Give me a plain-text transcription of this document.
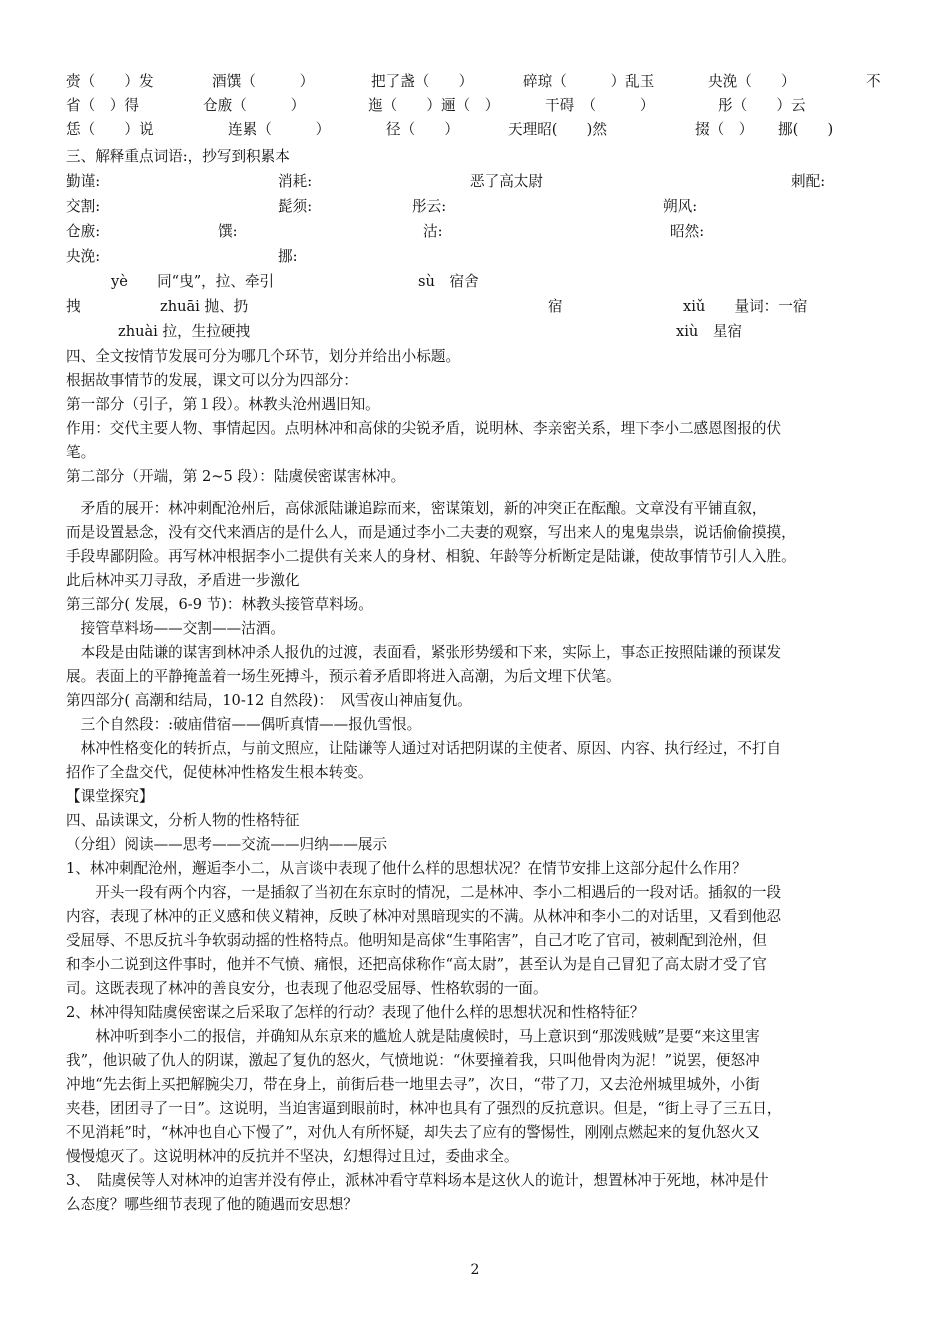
赍（　　）发	酒馔（　　　）	把了盏（　　）	碎琼（　　　）乱玉	央浼（　　）	不
省（　）得	仓廒（　　　）	迤（　　）逦（　）	干碍　（　　　）	彤（　　）云
恁（　　）说	连累（　　　）	径（　　）	天理昭(　　)然	掇（　） 挪(　　)
三、解释重点词语:，抄写到积累本
勤谨:	消耗:	恶了高太尉	刺配:
交割:	髭须:	彤云:	朔风:
仓廒:	馔:	沽:	昭然:
央浼:	挪:
yè　　同“曳”，拉、牵引	sù　宿舍
拽	zhuāi 抛、扔	宿	xiǔ　　量词：一宿
zhuài 拉，生拉硬拽	xiù　星宿
四、全文按情节发展可分为哪几个环节，划分并给出小标题。
根据故事情节的发展，课文可以分为四部分：
第一部分（引子，第１段）。林教头沧州遇旧知。
作用：交代主要人物、事情起因。点明林冲和高俅的尖锐矛盾，说明林、李亲密关系，埋下李小二感恩图报的伏
笔。
第二部分（开端，第 2~5 段）：陆虞侯密谋害林冲。
　矛盾的展开：林冲刺配沧州后，高俅派陆谦追踪而来，密谋策划，新的冲突正在酝酿。文章没有平铺直叙，
而是设置悬念，没有交代来酒店的是什么人，而是通过李小二夫妻的观察，写出来人的鬼鬼祟祟，说话偷偷摸摸，
手段卑鄙阴险。再写林冲根据李小二提供有关来人的身材、相貌、年龄等分析断定是陆谦，使故事情节引人入胜。
此后林冲买刀寻敌，矛盾进一步激化
第三部分( 发展，6-9 节)：林教头接管草料场。
　接管草料场——交割——沽酒。
　本段是由陆谦的谋害到林冲杀人报仇的过渡，表面看，紧张形势缓和下来，实际上，事态正按照陆谦的预谋发
展。表面上的平静掩盖着一场生死搏斗，预示着矛盾即将进入高潮，为后文埋下伏笔。
第四部分( 高潮和结局，10-12 自然段)：　风雪夜山神庙复仇。
　三个自然段：:破庙借宿——偶听真情——报仇雪恨。
　林冲性格变化的转折点，与前文照应，让陆谦等人通过对话把阴谋的主使者、原因、内容、执行经过，不打自
招作了全盘交代，促使林冲性格发生根本转变。
【课堂探究】
四、品读课文，分析人物的性格特征
（分组）阅读——思考——交流——归纳——展示
1、林冲刺配沧州，邂逅李小二，从言谈中表现了他什么样的思想状况？在情节安排上这部分起什么作用？
　　开头一段有两个内容，一是插叙了当初在东京时的情况，二是林冲、李小二相遇后的一段对话。插叙的一段
内容，表现了林冲的正义感和侠义精神，反映了林冲对黑暗现实的不满。从林冲和李小二的对话里，又看到他忍
受屈辱、不思反抗斗争软弱动摇的性格特点。他明知是高俅“生事陷害”，自己才吃了官司，被刺配到沧州，但
和李小二说到这件事时，他并不气愤、痛恨，还把高俅称作“高太尉”，甚至认为是自己冒犯了高太尉才受了官
司。这既表现了林冲的善良安分，也表现了他忍受屈辱、性格软弱的一面。
2、林冲得知陆虞侯密谋之后采取了怎样的行动？表现了他什么样的思想状况和性格特征？
　　林冲听到李小二的报信，并确知从东京来的尴尬人就是陆虞候时，马上意识到“那泼贱贼”是要“来这里害
我”，他识破了仇人的阴谋，激起了复仇的怒火，气愤地说：“休要撞着我，只叫他骨肉为泥！”说罢，便怒冲
冲地“先去街上买把解腕尖刀，带在身上，前街后巷一地里去寻”，次日，“带了刀，又去沧州城里城外，小街
夹巷，团团寻了一日”。这说明，当迫害逼到眼前时，林冲也具有了强烈的反抗意识。但是，“街上寻了三五日，
不见消耗”时，“林冲也自心下慢了”，对仇人有所怀疑，却失去了应有的警惕性，刚刚点燃起来的复仇怒火又
慢慢熄灭了。这说明林冲的反抗并不坚决，幻想得过且过，委曲求全。
3、　陆虞侯等人对林冲的迫害并没有停止，派林冲看守草料场本是这伙人的诡计，想置林冲于死地，林冲是什
么态度？哪些细节表现了他的随遇而安思想？
2
